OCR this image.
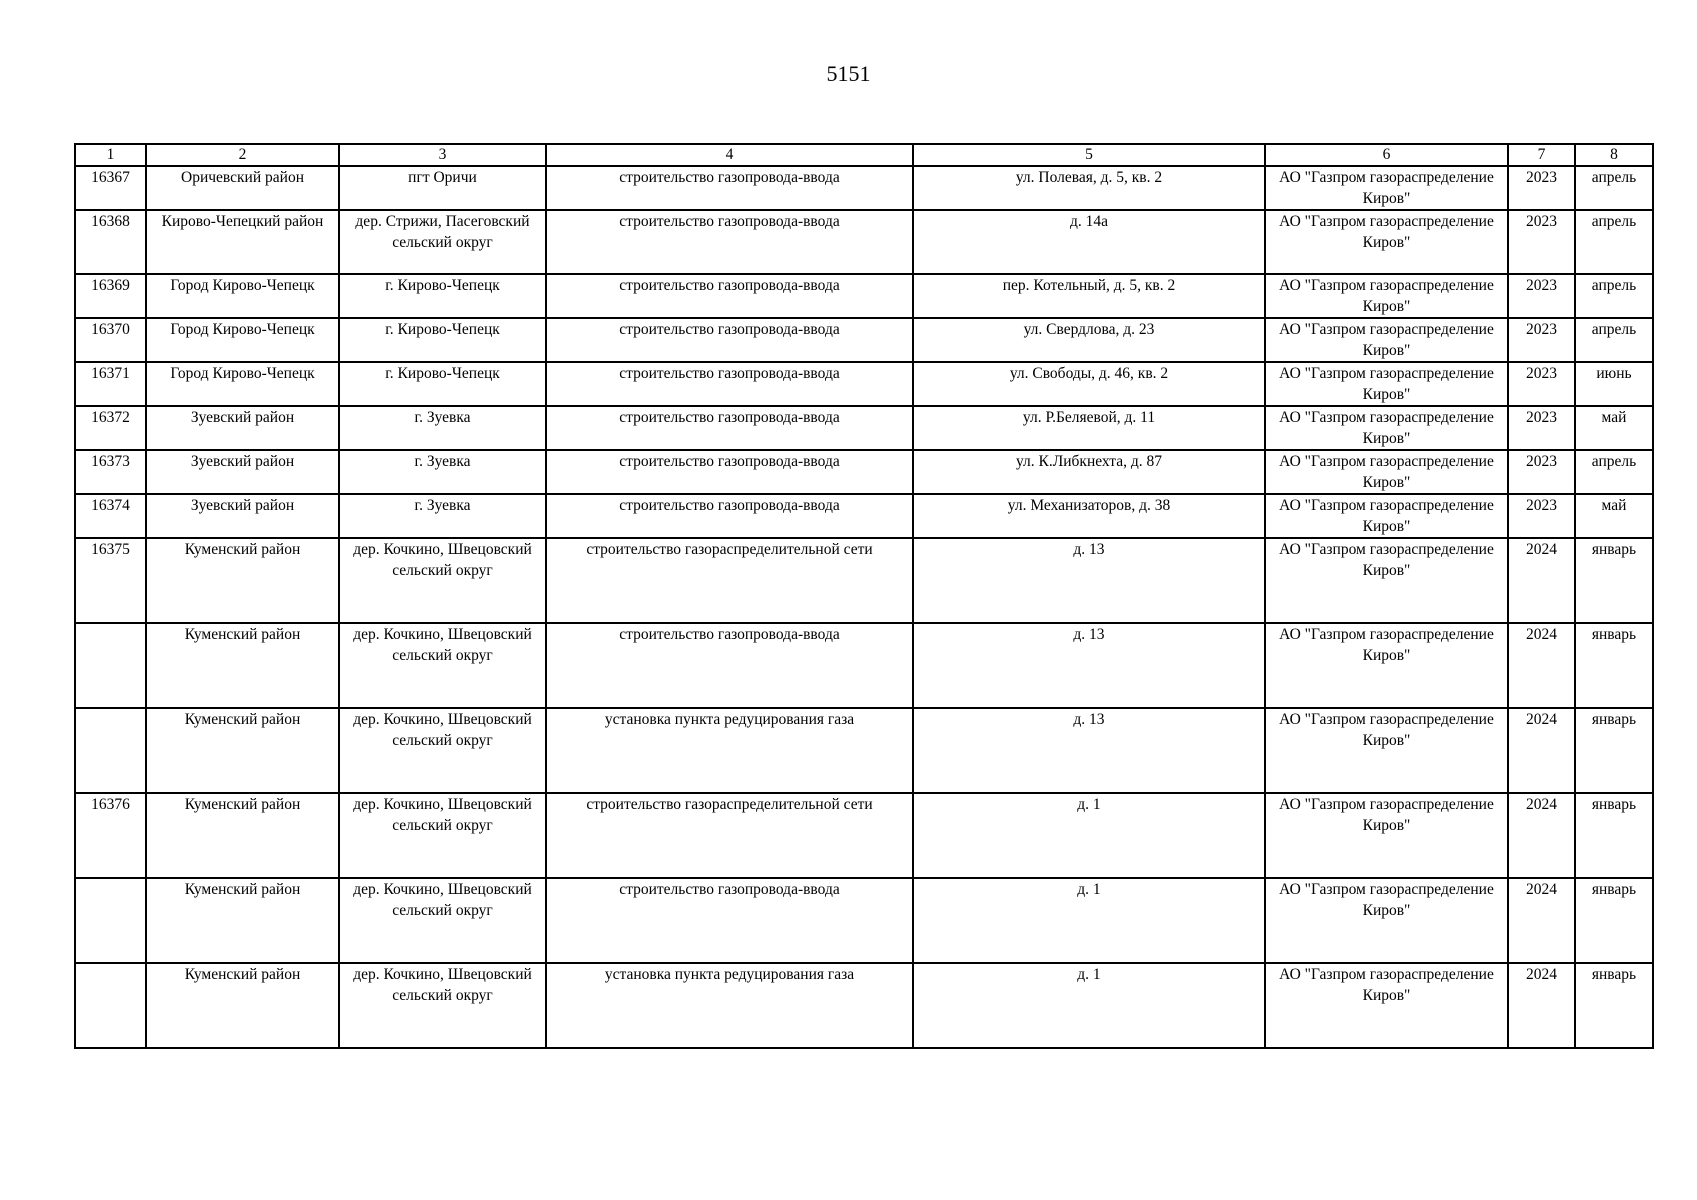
5151
1	2	3	4	5	6	7	8
16367	Оричевский район	пгт Оричи	строительство газопровода-ввода	ул. Полевая, д. 5, кв. 2	АО "Газпром газораспределение Киров"	2023	апрель
16368	Кирово-Чепецкий район	дер. Стрижи, Пасеговский сельский округ	строительство газопровода-ввода	д. 14а	АО "Газпром газораспределение Киров"	2023	апрель
16369	Город Кирово-Чепецк	г. Кирово-Чепецк	строительство газопровода-ввода	пер. Котельный, д. 5, кв. 2	АО "Газпром газораспределение Киров"	2023	апрель
16370	Город Кирово-Чепецк	г. Кирово-Чепецк	строительство газопровода-ввода	ул. Свердлова, д. 23	АО "Газпром газораспределение Киров"	2023	апрель
16371	Город Кирово-Чепецк	г. Кирово-Чепецк	строительство газопровода-ввода	ул. Свободы, д. 46, кв. 2	АО "Газпром газораспределение Киров"	2023	июнь
16372	Зуевский район	г. Зуевка	строительство газопровода-ввода	ул. Р.Беляевой, д. 11	АО "Газпром газораспределение Киров"	2023	май
16373	Зуевский район	г. Зуевка	строительство газопровода-ввода	ул. К.Либкнехта, д. 87	АО "Газпром газораспределение Киров"	2023	апрель
16374	Зуевский район	г. Зуевка	строительство газопровода-ввода	ул. Механизаторов, д. 38	АО "Газпром газораспределение Киров"	2023	май
16375	Куменский район	дер. Кочкино, Швецовский сельский округ	строительство газораспределительной сети	д. 13	АО "Газпром газораспределение Киров"	2024	январь
	Куменский район	дер. Кочкино, Швецовский сельский округ	строительство газопровода-ввода	д. 13	АО "Газпром газораспределение Киров"	2024	январь
	Куменский район	дер. Кочкино, Швецовский сельский округ	установка пункта редуцирования газа	д. 13	АО "Газпром газораспределение Киров"	2024	январь
16376	Куменский район	дер. Кочкино, Швецовский сельский округ	строительство газораспределительной сети	д. 1	АО "Газпром газораспределение Киров"	2024	январь
	Куменский район	дер. Кочкино, Швецовский сельский округ	строительство газопровода-ввода	д. 1	АО "Газпром газораспределение Киров"	2024	январь
	Куменский район	дер. Кочкино, Швецовский сельский округ	установка пункта редуцирования газа	д. 1	АО "Газпром газораспределение Киров"	2024	январь
